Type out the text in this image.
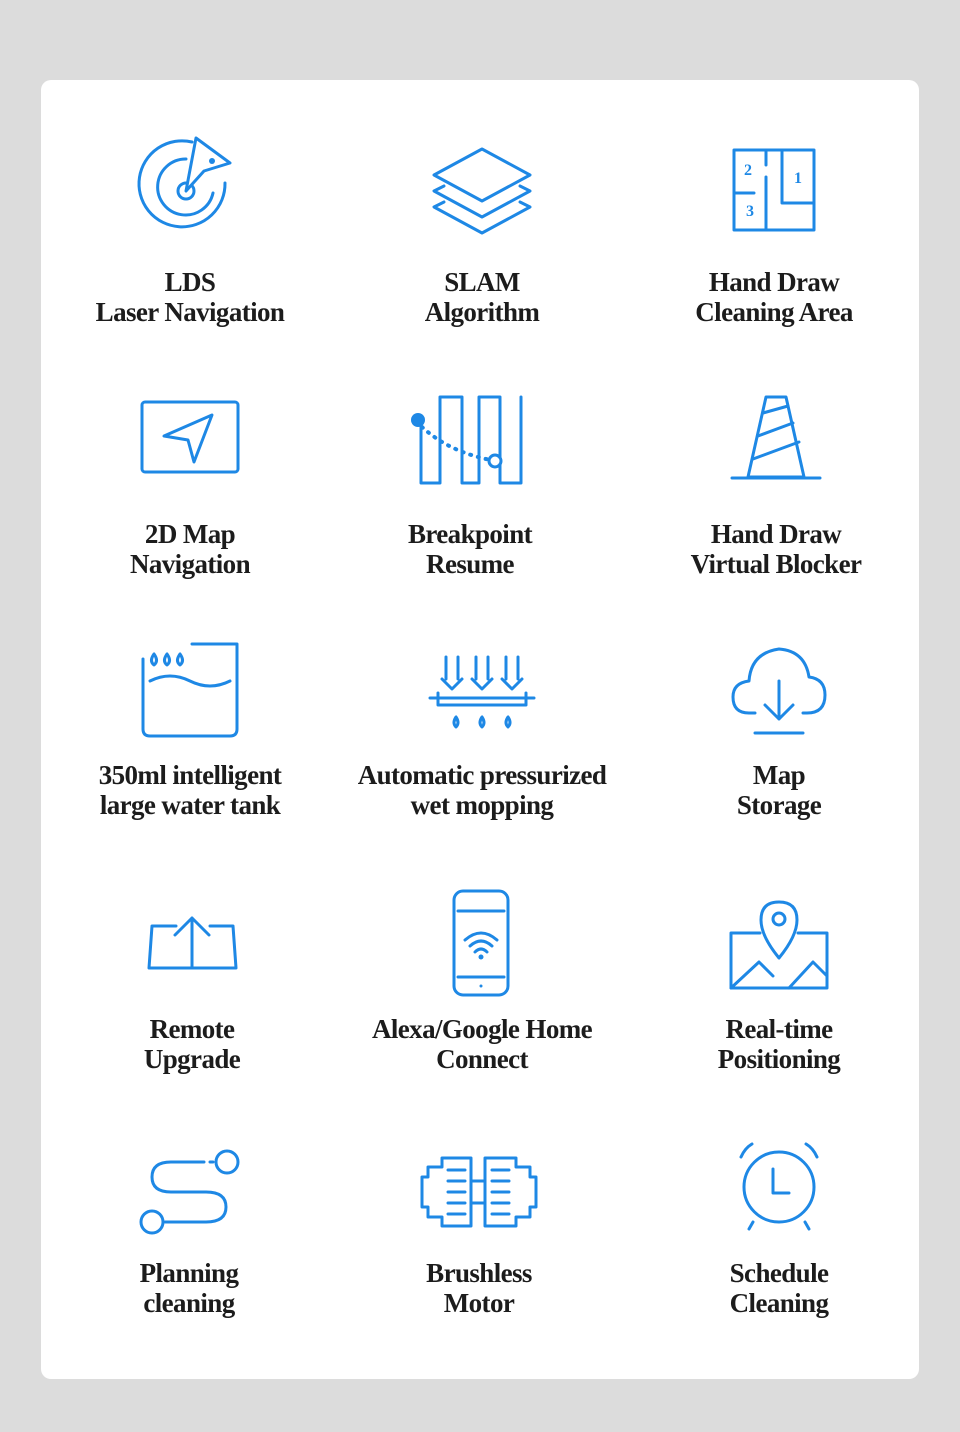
LDS
Laser Navigation
SLAM
Algorithm
2	1
3
Hand Draw
Cleaning Area
2D Map
Navigation
Breakpoint
Resume
Hand Draw
Virtual Blocker
350ml intelligent
large water tank
Automatic pressurized
wet mopping
Map
Storage
Remote
Upgrade
Alexa/Google Home
Connect
Real-time
Positioning
Planning
cleaning
Brushless
Motor
Schedule
Cleaning
